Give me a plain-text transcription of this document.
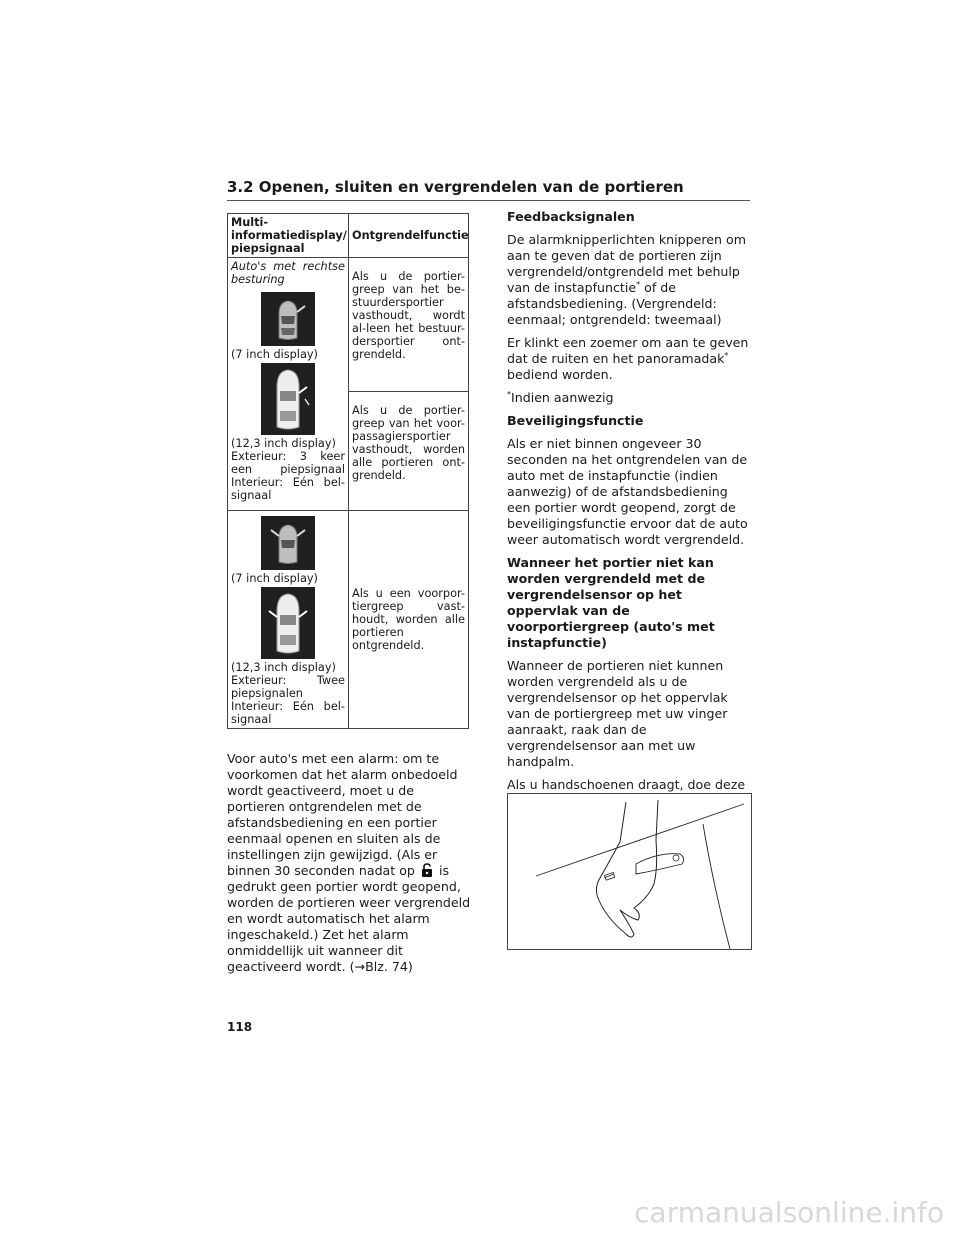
3.2 Openen, sluiten en vergrendelen van de portieren
Multi-informatiedisplay/ piepsignaal	Ontgrendelfunctie

Auto's met rechtse besturing
(7 inch display)
(12,3 inch display)
Exterieur: 3 keer een piepsignaal Interieur: Eén bel-signaal	Als u de portier-greep van het be-stuurdersportier vasthoudt, wordt al-leen het bestuur-dersportier ont-grendeld.
	Als u de portier-greep van het voor-passagiersportier vasthoudt, worden alle portieren ont-grendeld.

(7 inch display)
(12,3 inch display)
Exterieur: Twee piepsignalen Interieur: Eén bel-signaal	Als u een voorpor-tiergreep vast-houdt, worden alle portieren ontgrendeld.
Voor auto's met een alarm: om te voorkomen dat het alarm onbedoeld wordt geactiveerd, moet u de portieren ontgrendelen met de afstandsbediening en een portier eenmaal openen en sluiten als de instellingen zijn gewijzigd. (Als er binnen 30 seconden nadat op is gedrukt geen portier wordt geopend, worden de portieren weer vergrendeld en wordt automatisch het alarm ingeschakeld.) Zet het alarm onmiddellijk uit wanneer dit geactiveerd wordt. (→Blz. 74)

Feedbacksignalen

De alarmknipperlichten knipperen om aan te geven dat de portieren zijn vergrendeld/ontgrendeld met behulp van de instapfunctie* of de afstandsbediening. (Vergrendeld: eenmaal; ontgrendeld: tweemaal)

Er klinkt een zoemer om aan te geven dat de ruiten en het panoramadak* bediend worden.

*Indien aanwezig

Beveiligingsfunctie

Als er niet binnen ongeveer 30 seconden na het ontgrendelen van de auto met de instapfunctie (indien aanwezig) of de afstandsbediening een portier wordt geopend, zorgt de beveiligingsfunctie ervoor dat de auto weer automatisch wordt vergrendeld.

Wanneer het portier niet kan worden vergrendeld met de vergrendelsensor op het oppervlak van de voorportiergreep (auto's met instapfunctie)

Wanneer de portieren niet kunnen worden vergrendeld als u de vergrendelsensor op het oppervlak van de portiergreep met uw vinger aanraakt, raak dan de vergrendelsensor aan met uw handpalm.

Als u handschoenen draagt, doe deze

118
carmanualsonline.info
